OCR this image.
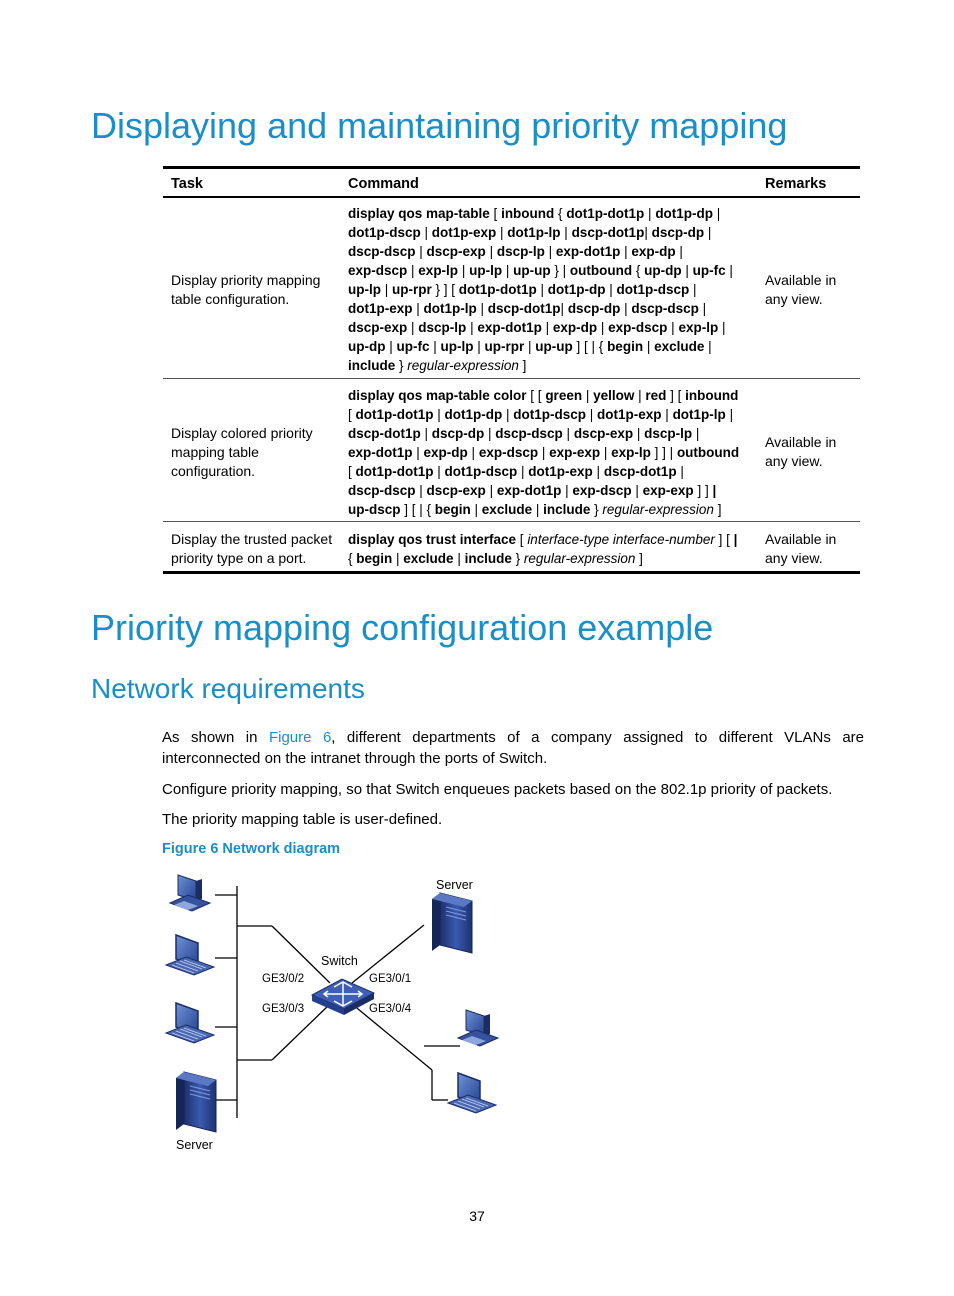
Displaying and maintaining priority mapping
Task	Command	Remarks
Display priority mapping
table configuration.
display qos map-table [ inbound { dot1p-dot1p | dot1p-dp |
dot1p-dscp | dot1p-exp | dot1p-lp | dscp-dot1p| dscp-dp |
dscp-dscp | dscp-exp | dscp-lp | exp-dot1p | exp-dp |
exp-dscp | exp-lp | up-lp | up-up } | outbound { up-dp | up-fc |
up-lp | up-rpr } ] [ dot1p-dot1p | dot1p-dp | dot1p-dscp |
dot1p-exp | dot1p-lp | dscp-dot1p| dscp-dp | dscp-dscp |
dscp-exp | dscp-lp | exp-dot1p | exp-dp | exp-dscp | exp-lp |
up-dp | up-fc | up-lp | up-rpr | up-up ] [ | { begin | exclude |
include } regular-expression ]
Available in
any view.
Display colored priority
mapping table
configuration.
display qos map-table color [ [ green | yellow | red ] [ inbound
[ dot1p-dot1p | dot1p-dp | dot1p-dscp | dot1p-exp | dot1p-lp |
dscp-dot1p | dscp-dp | dscp-dscp | dscp-exp | dscp-lp |
exp-dot1p | exp-dp | exp-dscp | exp-exp | exp-lp ] ] | outbound
[ dot1p-dot1p | dot1p-dscp | dot1p-exp | dscp-dot1p |
dscp-dscp | dscp-exp | exp-dot1p | exp-dscp | exp-exp ] ] |
up-dscp ] [ | { begin | exclude | include } regular-expression ]
Available in
any view.
Display the trusted packet
priority type on a port.
display qos trust interface [ interface-type interface-number ] [ |
{ begin | exclude | include } regular-expression ]
Available in
any view.
Priority mapping configuration example
Network requirements
As shown in Figure 6, different departments of a company assigned to different VLANs are
interconnected on the intranet through the ports of Switch.
Configure priority mapping, so that Switch enqueues packets based on the 802.1p priority of packets.
The priority mapping table is user-defined.
Figure 6 Network diagram
Server
Switch
GE3/0/2
GE3/0/3
GE3/0/1
GE3/0/4
Server
37
